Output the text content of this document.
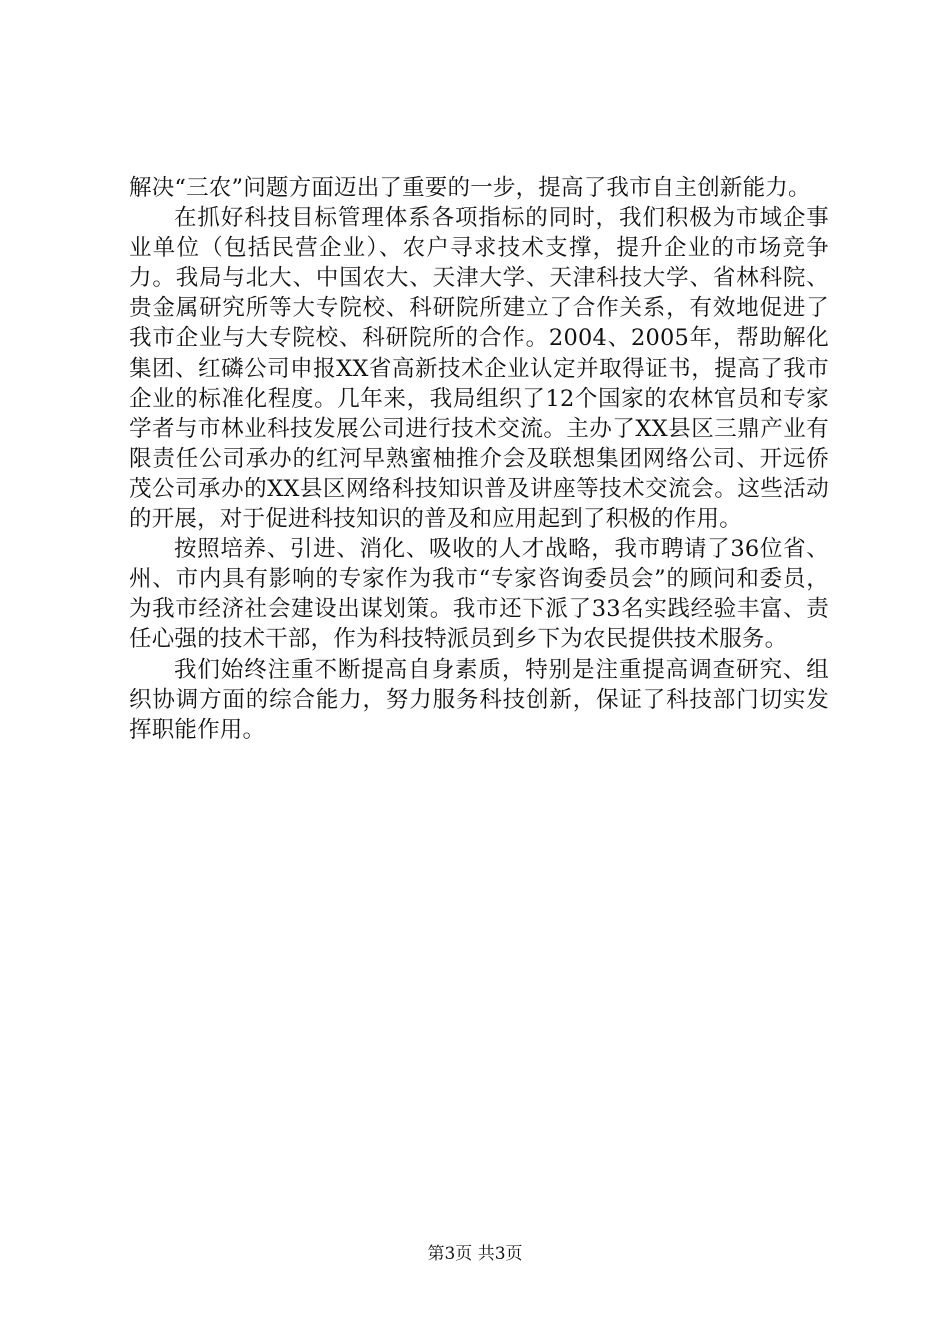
解决“三农”问题方面迈出了重要的一步，提高了我市自主创新能力。

在抓好科技目标管理体系各项指标的同时，我们积极为市域企事业单位（包括民营企业）、农户寻求技术支撑，提升企业的市场竞争力。我局与北大、中国农大、天津大学、天津科技大学、省林科院、贵金属研究所等大专院校、科研院所建立了合作关系，有效地促进了我市企业与大专院校、科研院所的合作。2004、2005年，帮助解化集团、红磷公司申报XX省高新技术企业认定并取得证书，提高了我市企业的标准化程度。几年来，我局组织了12个国家的农林官员和专家学者与市林业科技发展公司进行技术交流。主办了XX县区三鼎产业有限责任公司承办的红河早熟蜜柚推介会及联想集团网络公司、开远侨茂公司承办的XX县区网络科技知识普及讲座等技术交流会。这些活动的开展，对于促进科技知识的普及和应用起到了积极的作用。

按照培养、引进、消化、吸收的人才战略，我市聘请了36位省、州、市内具有影响的专家作为我市“专家咨询委员会”的顾问和委员，为我市经济社会建设出谋划策。我市还下派了33名实践经验丰富、责任心强的技术干部，作为科技特派员到乡下为农民提供技术服务。

我们始终注重不断提高自身素质，特别是注重提高调查研究、组织协调方面的综合能力，努力服务科技创新，保证了科技部门切实发挥职能作用。

第3页 共3页
